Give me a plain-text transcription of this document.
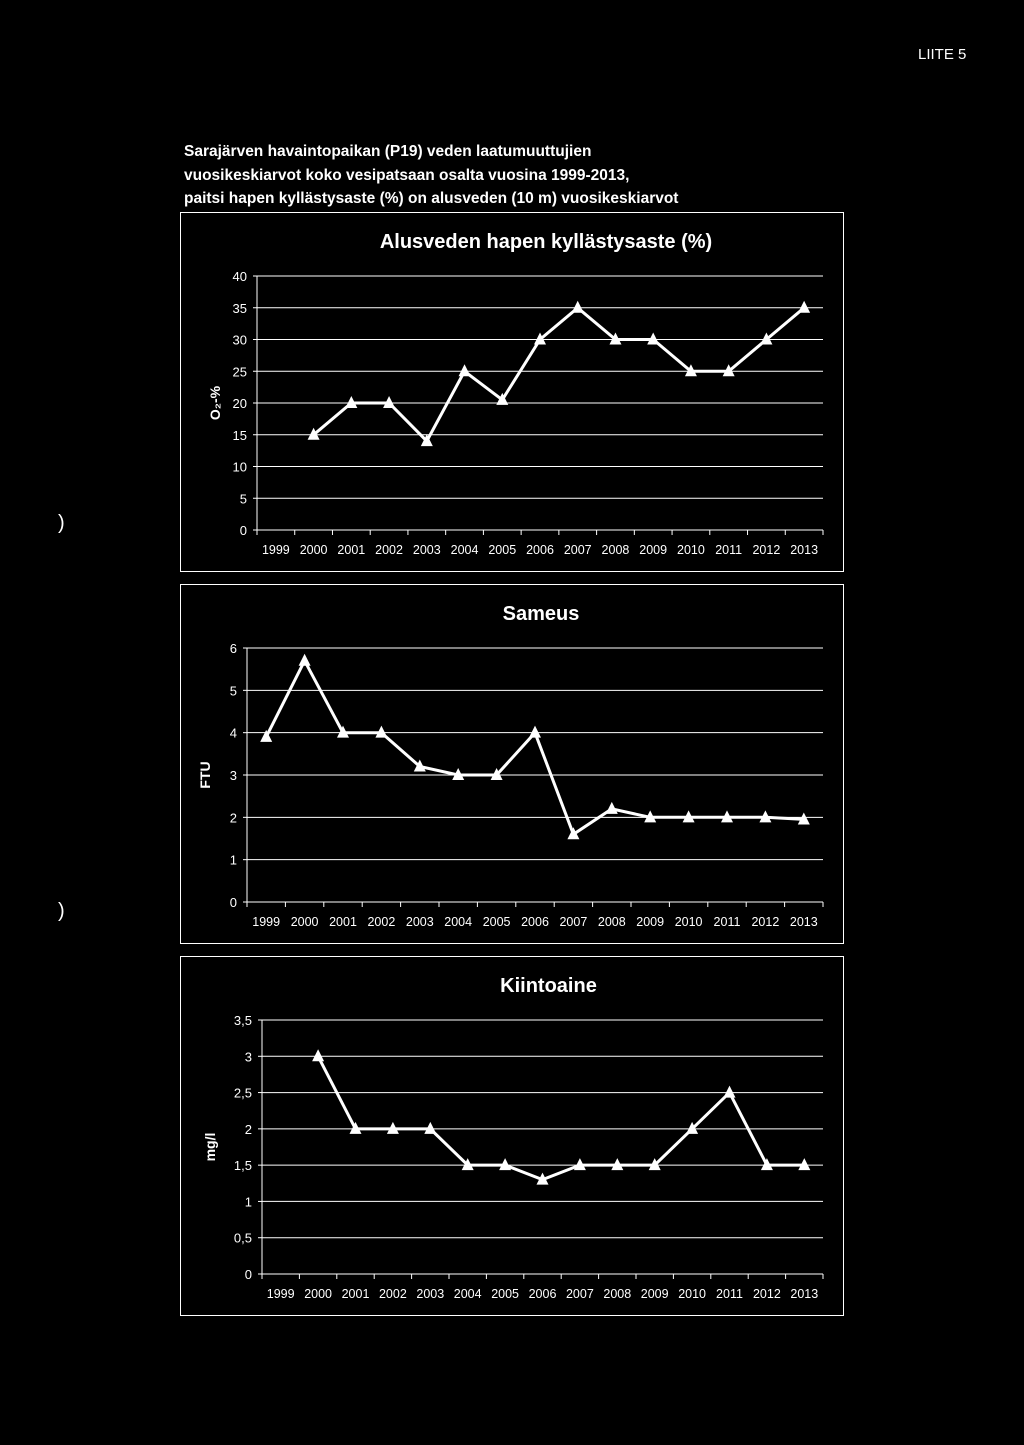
LIITE 5
Sarajärven havaintopaikan (P19) veden laatumuuttujien
vuosikeskiarvot koko vesipatsaan osalta vuosina 1999-2013,
paitsi hapen kyllästysaste (%) on alusveden (10 m) vuosikeskiarvot
Alusveden hapen kyllästysaste (%)
0
5
10
15
20
25
30
35
40
O₂-%
1999 2000 2001 2002 2003 2004 2005 2006 2007 2008 2009 2010 2011 2012 2013
Sameus
0
1
2
3
4
5
6
FTU
1999 2000 2001 2002 2003 2004 2005 2006 2007 2008 2009 2010 2011 2012 2013
Kiintoaine
0
0,5
1
1,5
2
2,5
3
3,5
mg/l
1999 2000 2001 2002 2003 2004 2005 2006 2007 2008 2009 2010 2011 2012 2013
)
)
